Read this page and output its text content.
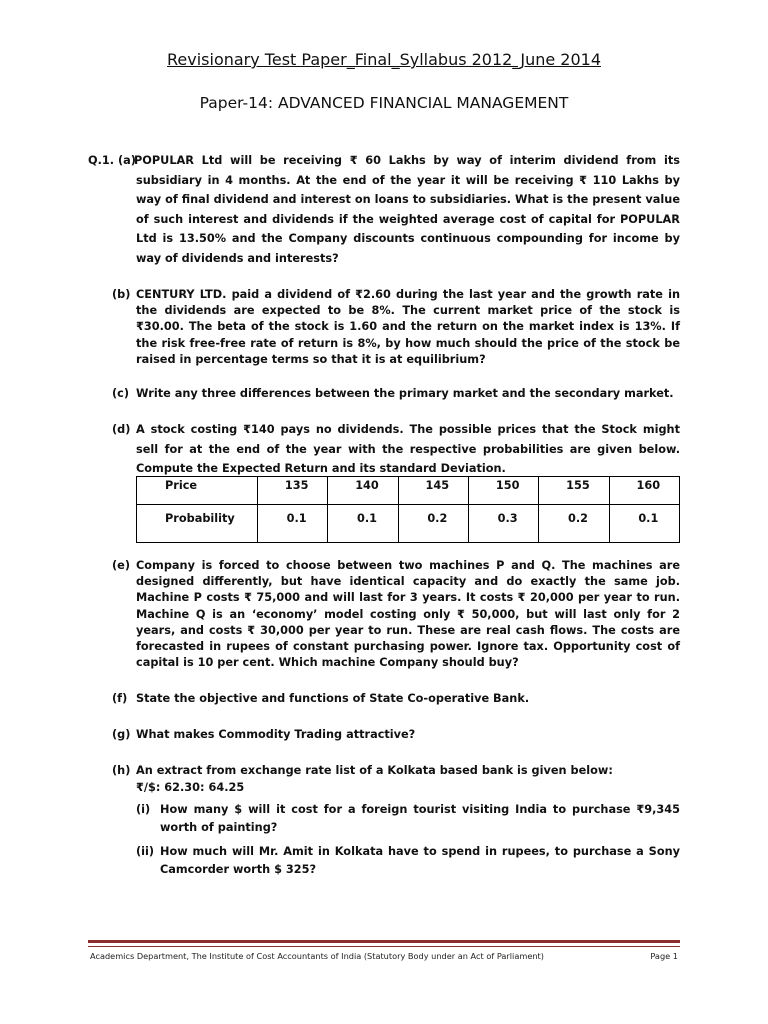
Revisionary Test Paper_Final_Syllabus 2012_June 2014
Paper-14: ADVANCED FINANCIAL MANAGEMENT
Q.1. (a)
POPULAR Ltd will be receiving ₹ 60 Lakhs by way of interim dividend from its subsidiary in 4 months. At the end of the year it will be receiving ₹ 110 Lakhs by way of final dividend and interest on loans to subsidiaries. What is the present value of such interest and dividends if the weighted average cost of capital for POPULAR Ltd is 13.50% and the Company discounts continuous compounding for income by way of dividends and interests?
(b) CENTURY LTD. paid a dividend of ₹2.60 during the last year and the growth rate in the dividends are expected to be 8%. The current market price of the stock is ₹30.00. The beta of the stock is 1.60 and the return on the market index is 13%. If the risk free-free rate of return is 8%, by how much should the price of the stock be raised in percentage terms so that it is at equilibrium?
(c) Write any three differences between the primary market and the secondary market.
(d) A stock costing ₹140 pays no dividends. The possible prices that the Stock might sell for at the end of the year with the respective probabilities are given below. Compute the Expected Return and its standard Deviation.
Price	135	140	145	150	155	160
Probability	0.1	0.1	0.2	0.3	0.2	0.1
(e) Company is forced to choose between two machines P and Q. The machines are designed differently, but have identical capacity and do exactly the same job. Machine P costs ₹ 75,000 and will last for 3 years. It costs ₹ 20,000 per year to run. Machine Q is an ‘economy’ model costing only ₹ 50,000, but will last only for 2 years, and costs ₹ 30,000 per year to run. These are real cash flows. The costs are forecasted in rupees of constant purchasing power. Ignore tax. Opportunity cost of capital is 10 per cent. Which machine Company should buy?
(f) State the objective and functions of State Co-operative Bank.
(g) What makes Commodity Trading attractive?
(h) An extract from exchange rate list of a Kolkata based bank is given below:
₹/$: 62.30: 64.25
(i) How many $ will it cost for a foreign tourist visiting India to purchase ₹9,345 worth of painting?
(ii) How much will Mr. Amit in Kolkata have to spend in rupees, to purchase a Sony Camcorder worth $ 325?
Academics Department, The Institute of Cost Accountants of India (Statutory Body under an Act of Parliament)	Page 1
